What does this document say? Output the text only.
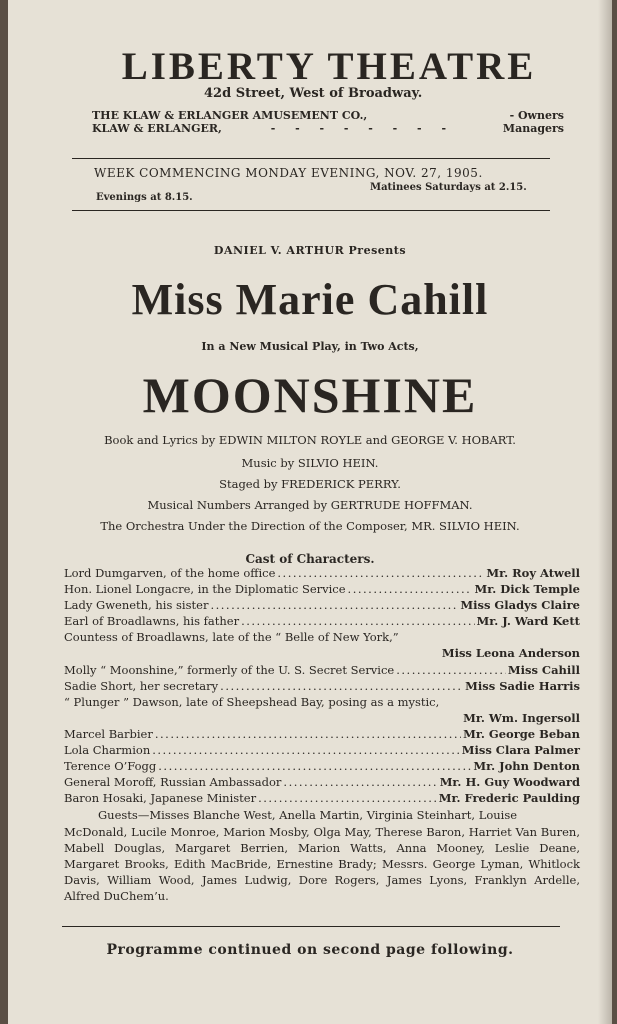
LIBERTY THEATRE
42d Street, West of Broadway.
THE KLAW & ERLANGER AMUSEMENT CO.,	- Owners
KLAW & ERLANGER,	- - - - - - - -	Managers
WEEK COMMENCING MONDAY EVENING, NOV. 27, 1905.
Evenings at 8.15.
Matinees Saturdays at 2.15.
DANIEL V. ARTHUR Presents
Miss Marie Cahill
In a New Musical Play, in Two Acts,
MOONSHINE
Book and Lyrics by EDWIN MILTON ROYLE and GEORGE V. HOBART.
Music by SILVIO HEIN.
Staged by FREDERICK PERRY.
Musical Numbers Arranged by GERTRUDE HOFFMAN.
The Orchestra Under the Direction of the Composer, MR. SILVIO HEIN.
Cast of Characters.
Lord Dumgarven, of the home office .....	Mr. Roy Atwell
Hon. Lionel Longacre, in the Diplomatic Service .....	Mr. Dick Temple
Lady Gweneth, his sister .....	Miss Gladys Claire
Earl of Broadlawns, his father .....	Mr. J. Ward Kett
Countess of Broadlawns, late of the “ Belle of New York,”
Miss Leona Anderson
Molly “ Moonshine,” formerly of the U. S. Secret Service .....	Miss Cahill
Sadie Short, her secretary .....	Miss Sadie Harris
“ Plunger ” Dawson, late of Sheepshead Bay, posing as a mystic,
Mr. Wm. Ingersoll
Marcel Barbier .....	Mr. George Beban
Lola Charmion .....	Miss Clara Palmer
Terence O’Fogg .....	Mr. John Denton
General Moroff, Russian Ambassador .....	Mr. H. Guy Woodward
Baron Hosaki, Japanese Minister .....	Mr. Frederic Paulding
Guests—Misses Blanche West, Anella Martin, Virginia Steinhart, Louise
McDonald, Lucile Monroe, Marion Mosby, Olga May, Therese Baron, Harriet Van Buren, Mabell Douglas, Margaret Berrien, Marion Watts, Anna Mooney, Leslie Deane, Margaret Brooks, Edith MacBride, Ernestine Brady; Messrs. George Lyman, Whitlock Davis, William Wood, James Ludwig, Dore Rogers, James Lyons, Franklyn Ardelle, Alfred DuChem’u.
Programme continued on second page following.
